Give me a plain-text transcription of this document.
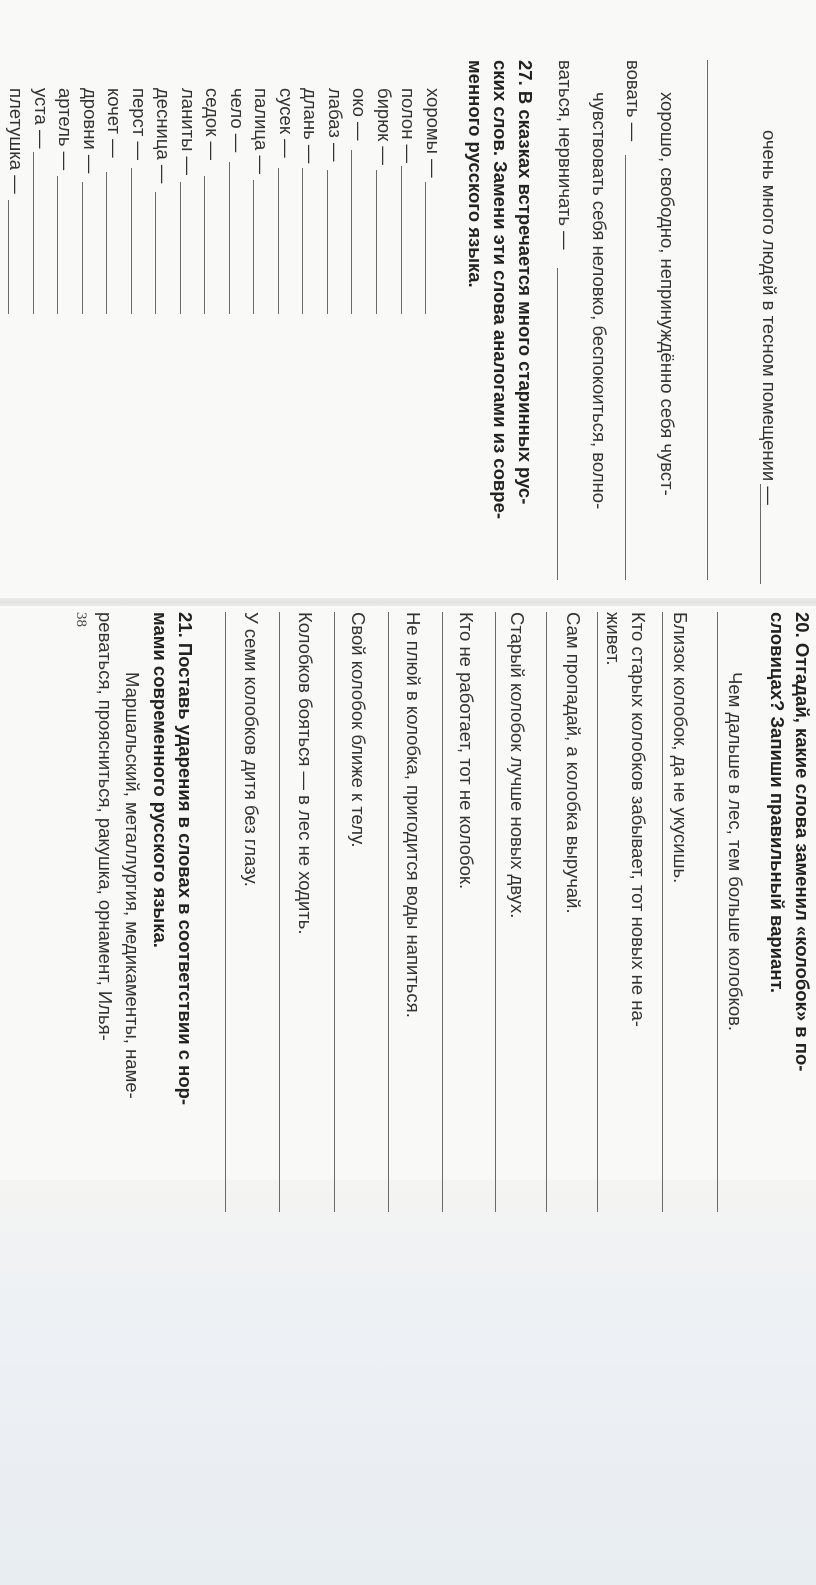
очень много людей в тесном помещении —
хорошо, свободно, непринуждённо себя чувст-
вовать —
чувствовать себя неловко, беспокоиться, волно-
ваться, нервничать —
27. В сказках встречается много старинных рус-
ских слов. Замени эти слова аналогами из совре-
менного русского языка.
хоромы —
полон —
бирюк —
око —
лабаз —
длань —
сусек —
палица —
чело —
седок —
ланиты —
десница —
перст —
кочет —
дровни —
артель —
уста —
плетушка —
20. Отгадай, какие слова заменил «колобок» в по-
словицах? Запиши правильный вариант.
Чем дальше в лес, тем больше колобков.
Близок колобок, да не укусишь.
Кто старых колобков забывает, тот новых не на-
живет.
Сам пропадай, а колобка выручай.
Старый колобок лучше новых двух.
Кто не работает, тот не колобок.
Не плюй в колобка, пригодится воды напиться.
Свой колобок ближе к телу.
Колобков бояться — в лес не ходить.
У семи колобков дитя без глазу.
21. Поставь ударения в словах в соответствии с нор-
мами современного русского языка.
Маршальский, металлургия, медикаменты, наме-
реваться, проясниться, ракушка, орнамент, Илья-
38
